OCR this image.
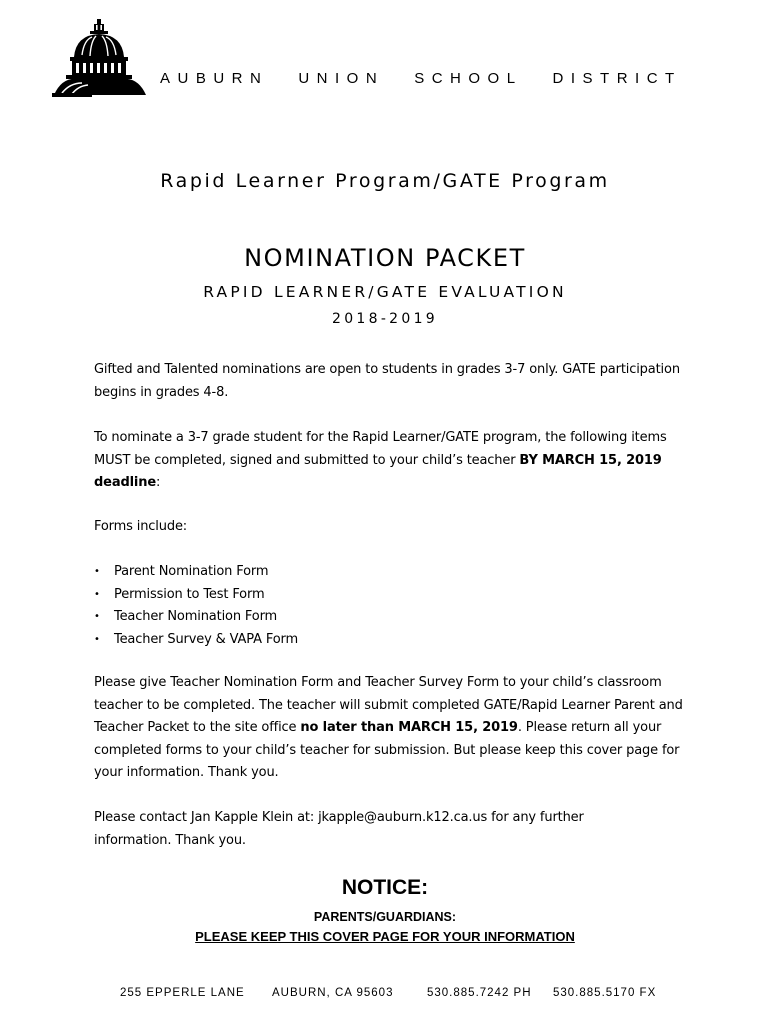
AUBURN UNION SCHOOL DISTRICT
Rapid Learner Program/GATE Program
NOMINATION PACKET
RAPID LEARNER/GATE EVALUATION
2018-2019
Gifted and Talented nominations are open to students in grades 3-7 only. GATE participation begins in grades 4-8.
To nominate a 3-7 grade student for the Rapid Learner/GATE program, the following items MUST be completed, signed and submitted to your child’s teacher BY MARCH 15, 2019 deadline:
Forms include:
• Parent Nomination Form
• Permission to Test Form
• Teacher Nomination Form
• Teacher Survey & VAPA Form
Please give Teacher Nomination Form and Teacher Survey Form to your child’s classroom teacher to be completed. The teacher will submit completed GATE/Rapid Learner Parent and Teacher Packet to the site office no later than MARCH 15, 2019. Please return all your completed forms to your child’s teacher for submission. But please keep this cover page for your information. Thank you.
Please contact Jan Kapple Klein at: jkapple@auburn.k12.ca.us for any further information. Thank you.
NOTICE:
PARENTS/GUARDIANS:
PLEASE KEEP THIS COVER PAGE FOR YOUR INFORMATION
255 EPPERLE LANE AUBURN, CA 95603	530.885.7242 PH 530.885.5170 FX
